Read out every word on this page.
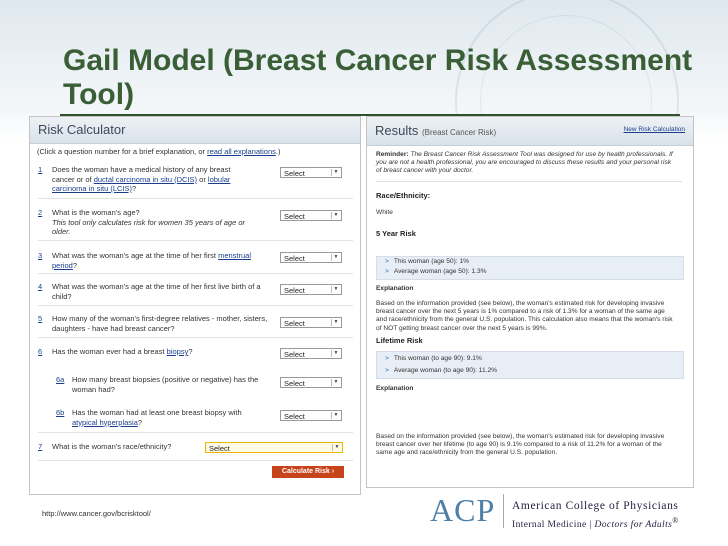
Gail Model (Breast Cancer Risk Assessment Tool)
Risk Calculator
(Click a question number for a brief explanation, or read all explanations.)
1 Does the woman have a medical history of any breast cancer or of ductal carcinoma in situ (DCIS) or lobular carcinoma in situ (LCIS)?
Select	▼
2 What is the woman's age?
This tool only calculates risk for women 35 years of age or older.
Select	▼
3 What was the woman's age at the time of her first menstrual period?
Select	▼
4 What was the woman's age at the time of her first live birth of a child?
Select	▼
5 How many of the woman's first-degree relatives - mother, sisters, daughters - have had breast cancer?	Select	▼
6 Has the woman ever had a breast biopsy?	Select	▼
6a How many breast biopsies (positive or negative) has the woman had?
Select	▼
6b Has the woman had at least one breast biopsy with atypical hyperplasia?
Select	▼
7 What is the woman's race/ethnicity?	Select	▼
Calculate Risk ›
Results (Breast Cancer Risk)	New Risk Calculation
Reminder: The Breast Cancer Risk Assessment Tool was designed for use by health professionals. If you are not a health professional, you are encouraged to discuss these results and your personal risk of breast cancer with your doctor.
Race/Ethnicity:
White
5 Year Risk
> This woman (age 50): 1%
> Average woman (age 50): 1.3%
Explanation
Based on the information provided (see below), the woman's estimated risk for developing invasive breast cancer over the next 5 years is 1% compared to a risk of 1.3% for a woman of the same age and race/ethnicity from the general U.S. population. This calculation also means that the woman's risk of NOT getting breast cancer over the next 5 years is 99%.
Lifetime Risk
> This woman (to age 90): 9.1%
> Average woman (to age 90): 11.2%
Explanation
Based on the information provided (see below), the woman's estimated risk for developing invasive breast cancer over her lifetime (to age 90) is 9.1% compared to a risk of 11.2% for a woman of the same age and race/ethnicity from the general U.S. population.
http://www.cancer.gov/bcrisktool/	ACP American College of Physicians
Internal Medicine | Doctors for Adults®
